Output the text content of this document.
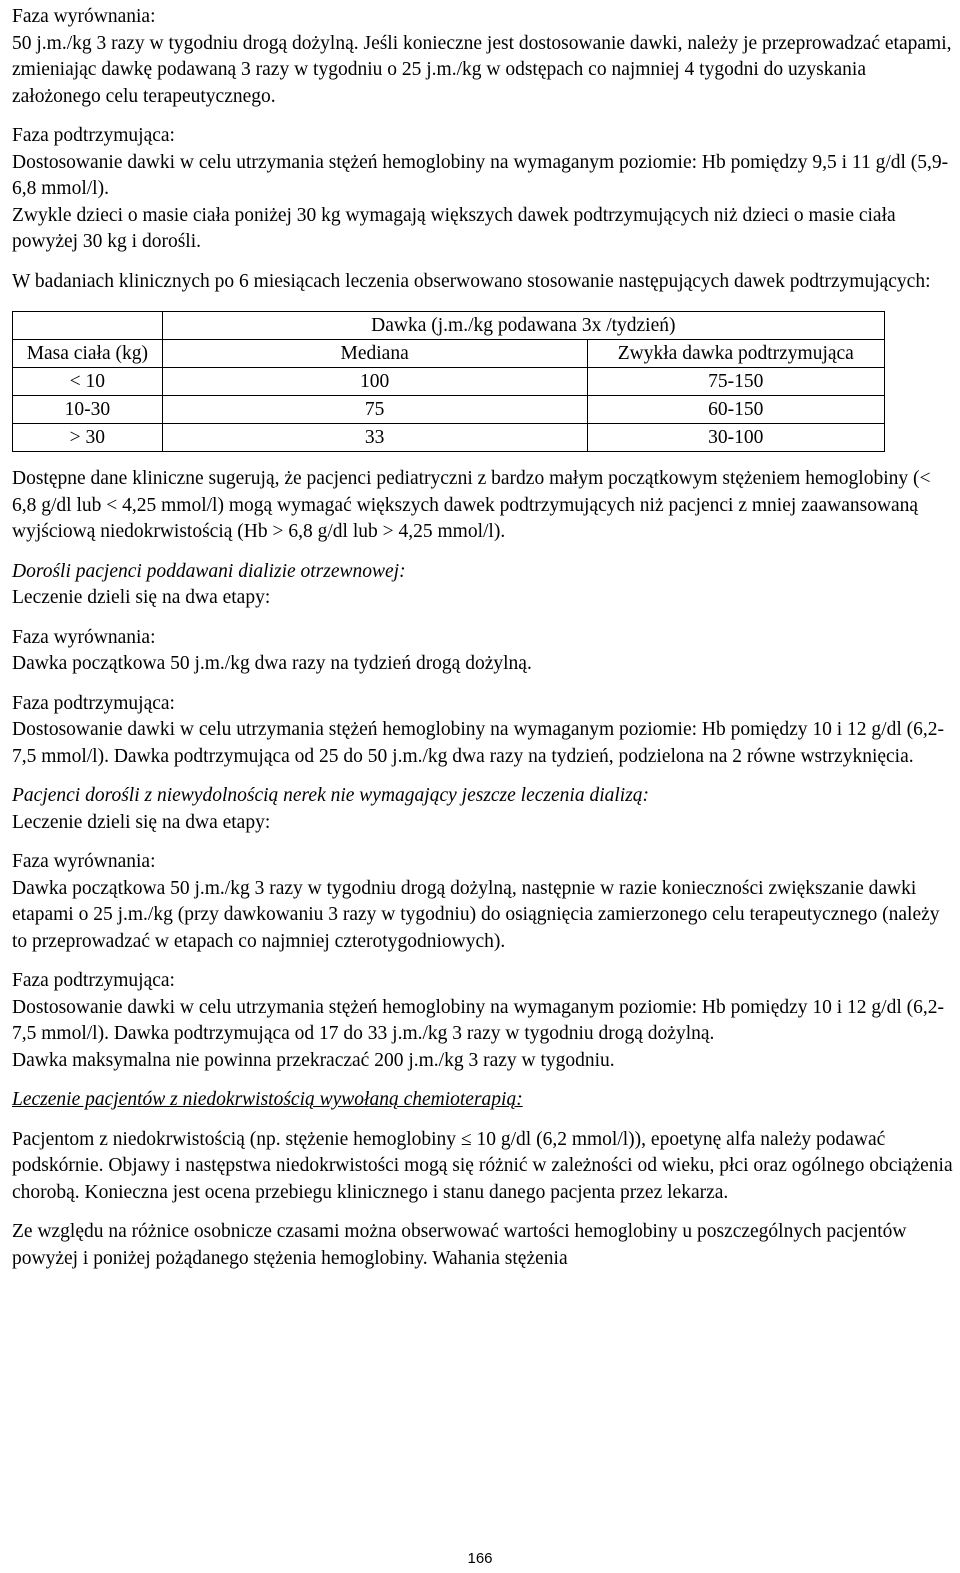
Faza wyrównania:

50 j.m./kg 3 razy w tygodniu drogą dożylną. Jeśli konieczne jest dostosowanie dawki, należy je przeprowadzać etapami, zmieniając dawkę podawaną 3 razy w tygodniu o 25 j.m./kg w odstępach co najmniej 4 tygodni do uzyskania założonego celu terapeutycznego.

Faza podtrzymująca:

Dostosowanie dawki w celu utrzymania stężeń hemoglobiny na wymaganym poziomie: Hb pomiędzy 9,5 i 11 g/dl (5,9-6,8 mmol/l).

Zwykle dzieci o masie ciała poniżej 30 kg wymagają większych dawek podtrzymujących niż dzieci o masie ciała powyżej 30 kg i dorośli.

W badaniach klinicznych po 6 miesiącach leczenia obserwowano stosowanie następujących dawek podtrzymujących:

	Dawka (j.m./kg podawana 3x /tydzień)	
Masa ciała (kg)	Mediana	Zwykła dawka podtrzymująca
< 10	100	75-150
10-30	75	60-150
> 30	33	30-100

Dostępne dane kliniczne sugerują, że pacjenci pediatryczni z bardzo małym początkowym stężeniem hemoglobiny (< 6,8 g/dl lub < 4,25 mmol/l) mogą wymagać większych dawek podtrzymujących niż pacjenci z mniej zaawansowaną wyjściową niedokrwistością (Hb > 6,8 g/dl lub > 4,25 mmol/l).

Dorośli pacjenci poddawani dializie otrzewnowej:

Leczenie dzieli się na dwa etapy:

Faza wyrównania:

Dawka początkowa 50 j.m./kg dwa razy na tydzień drogą dożylną.

Faza podtrzymująca:

Dostosowanie dawki w celu utrzymania stężeń hemoglobiny na wymaganym poziomie: Hb pomiędzy 10 i 12 g/dl (6,2-7,5 mmol/l). Dawka podtrzymująca od 25 do 50 j.m./kg dwa razy na tydzień, podzielona na 2 równe wstrzyknięcia.

Pacjenci dorośli z niewydolnością nerek nie wymagający jeszcze leczenia dializą:

Leczenie dzieli się na dwa etapy:

Faza wyrównania:

Dawka początkowa 50 j.m./kg 3 razy w tygodniu drogą dożylną, następnie w razie konieczności zwiększanie dawki etapami o 25 j.m./kg (przy dawkowaniu 3 razy w tygodniu) do osiągnięcia zamierzonego celu terapeutycznego (należy to przeprowadzać w etapach co najmniej czterotygodniowych).

Faza podtrzymująca:

Dostosowanie dawki w celu utrzymania stężeń hemoglobiny na wymaganym poziomie: Hb pomiędzy 10 i 12 g/dl (6,2-7,5 mmol/l). Dawka podtrzymująca od 17 do 33 j.m./kg 3 razy w tygodniu drogą dożylną.

Dawka maksymalna nie powinna przekraczać 200 j.m./kg 3 razy w tygodniu.

Leczenie pacjentów z niedokrwistością wywołaną chemioterapią:

Pacjentom z niedokrwistością (np. stężenie hemoglobiny ≤ 10 g/dl (6,2 mmol/l)), epoetynę alfa należy podawać podskórnie. Objawy i następstwa niedokrwistości mogą się różnić w zależności od wieku, płci oraz ogólnego obciążenia chorobą. Konieczna jest ocena przebiegu klinicznego i stanu danego pacjenta przez lekarza.

Ze względu na różnice osobnicze czasami można obserwować wartości hemoglobiny u poszczególnych pacjentów powyżej i poniżej pożądanego stężenia hemoglobiny. Wahania stężenia

166
